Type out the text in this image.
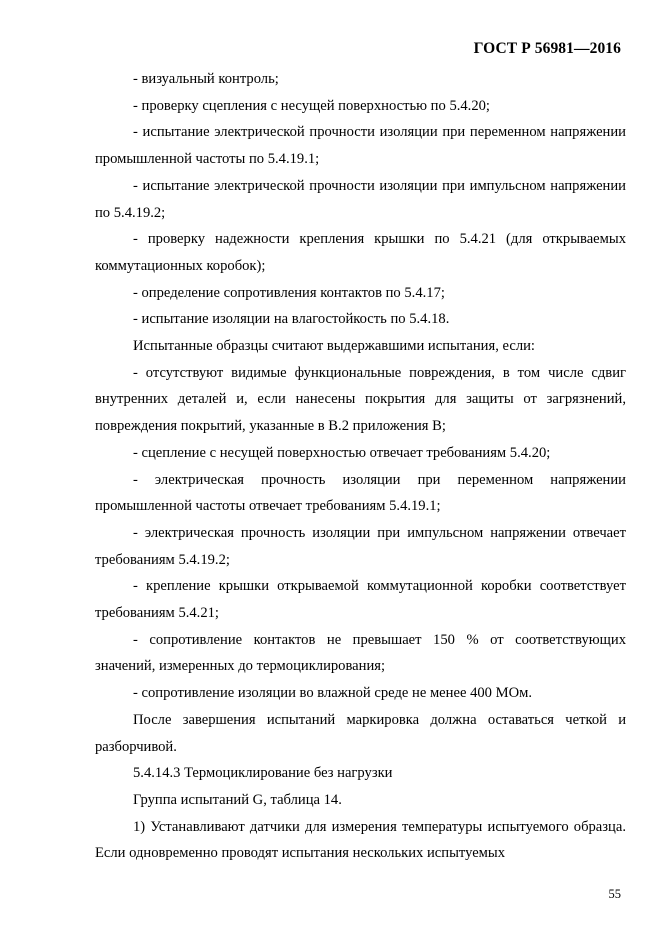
ГОСТ Р 56981—2016

- визуальный контроль;

- проверку сцепления с несущей поверхностью по 5.4.20;

- испытание электрической прочности изоляции при переменном напряжении промышленной частоты по 5.4.19.1;

- испытание электрической прочности изоляции при импульсном напряжении по 5.4.19.2;

- проверку надежности крепления крышки по 5.4.21 (для открываемых коммутационных коробок);

- определение сопротивления контактов по 5.4.17;

- испытание изоляции на влагостойкость по 5.4.18.

Испытанные образцы считают выдержавшими испытания, если:

- отсутствуют видимые функциональные повреждения, в том числе сдвиг внутренних деталей и, если нанесены покрытия для защиты от загрязнений, повреждения покрытий, указанные в В.2 приложения В;

- сцепление с несущей поверхностью отвечает требованиям 5.4.20;

- электрическая прочность изоляции при переменном напряжении промышленной частоты отвечает требованиям 5.4.19.1;

- электрическая прочность изоляции при импульсном напряжении отвечает требованиям 5.4.19.2;

- крепление крышки открываемой коммутационной коробки соответствует требованиям 5.4.21;

- сопротивление контактов не превышает 150 % от соответствующих значений, измеренных до термоциклирования;

- сопротивление изоляции во влажной среде не менее 400 МОм.

После завершения испытаний маркировка должна оставаться четкой и разборчивой.

5.4.14.3 Термоциклирование без нагрузки

Группа испытаний G, таблица 14.

1) Устанавливают датчики для измерения температуры испытуемого образца. Если одновременно проводят испытания нескольких испытуемых

55
